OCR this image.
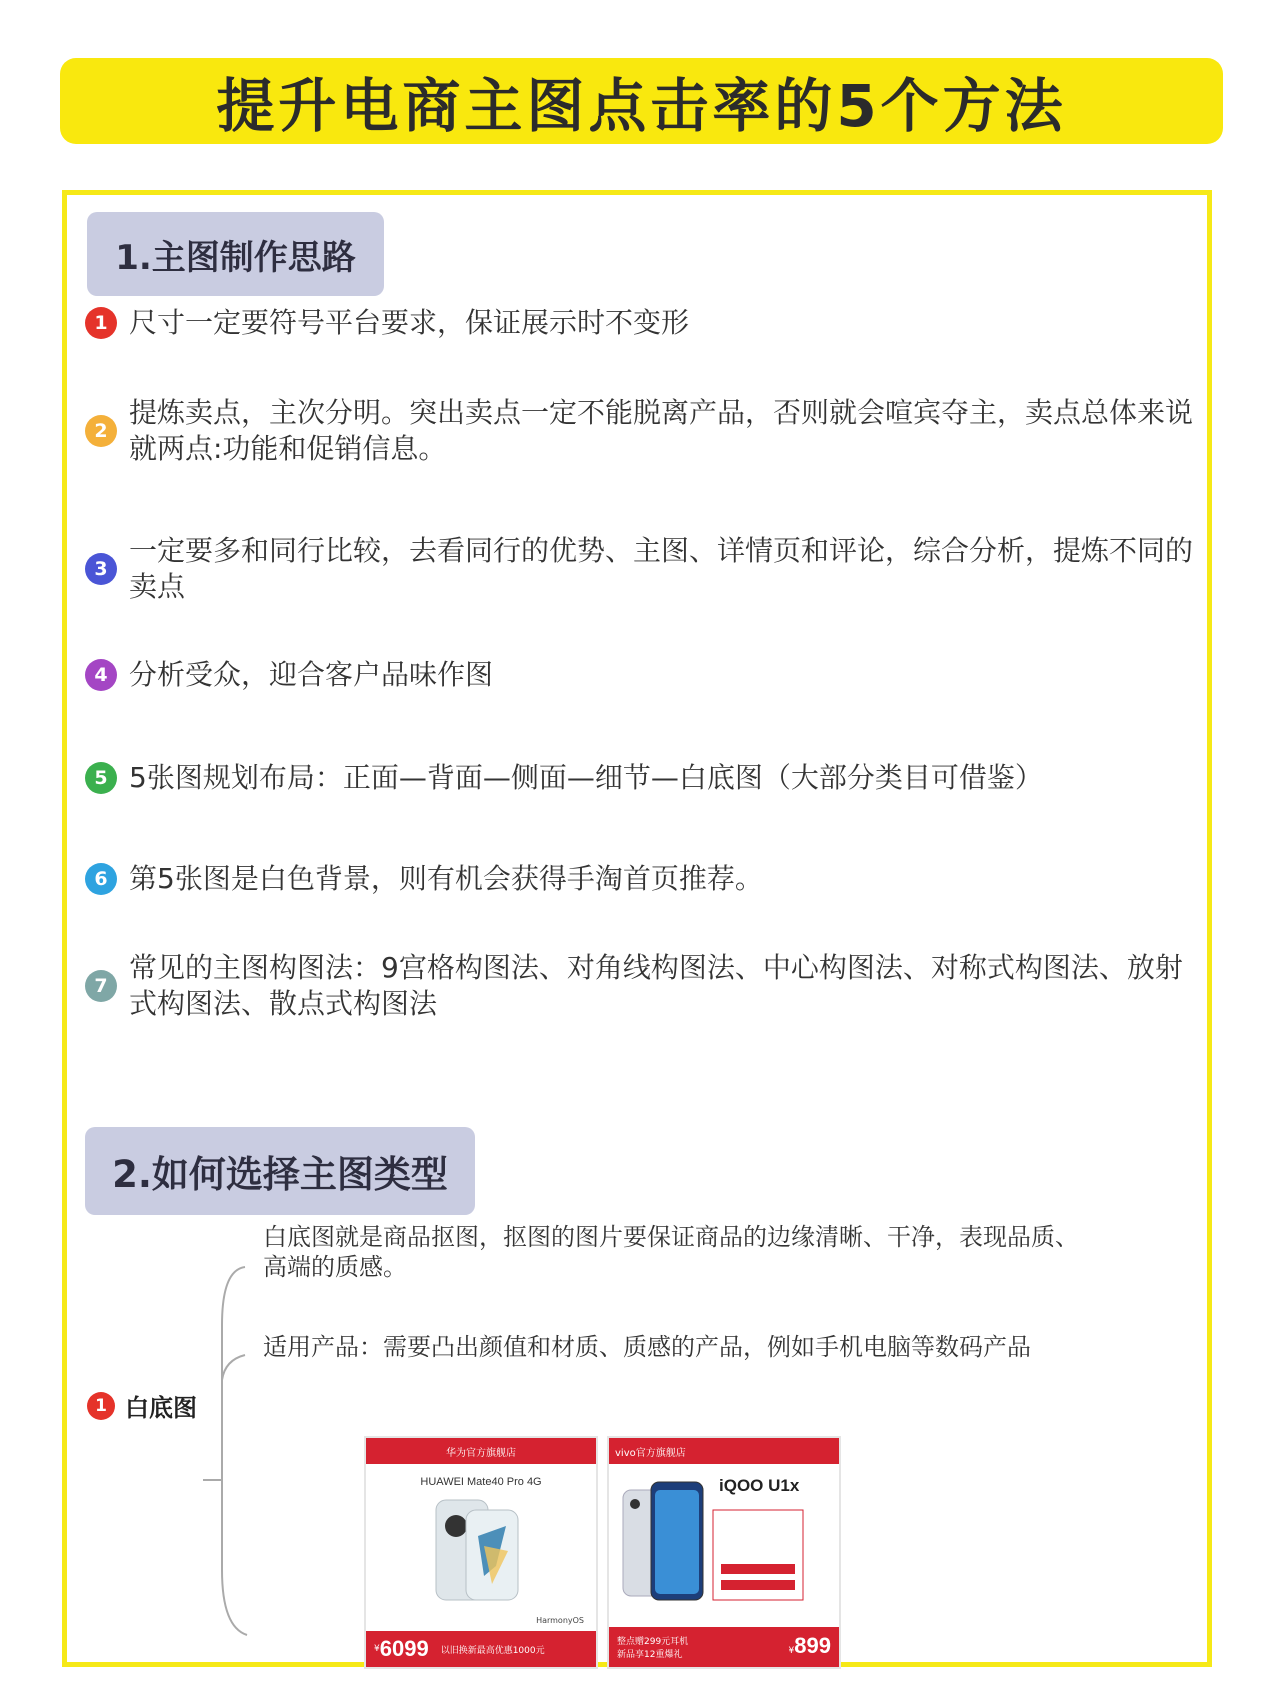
提升电商主图点击率的5个方法
1.主图制作思路
1 尺寸一定要符号平台要求，保证展示时不变形
2
提炼卖点，主次分明。突出卖点一定不能脱离产品，否则就会喧宾夺主，卖点总体来说就两点:功能和促销信息。
3
一定要多和同行比较，去看同行的优势、主图、详情页和评论，综合分析，提炼不同的卖点
4 分析受众，迎合客户品味作图
5 5张图规划布局：正面—背面—侧面—细节—白底图（大部分类目可借鉴）
6 第5张图是白色背景，则有机会获得手淘首页推荐。
7
常见的主图构图法：9宫格构图法、对角线构图法、中心构图法、对称式构图法、放射式构图法、散点式构图法
2.如何选择主图类型
1 白底图
白底图就是商品抠图，抠图的图片要保证商品的边缘清晰、干净，表现品质、高端的质感。
适用产品：需要凸出颜值和材质、质感的产品，例如手机电脑等数码产品
华为官方旗舰店
HUAWEI Mate40 Pro 4G
HarmonyOS
¥ 6099 以旧换新最高优惠1000元
vivo官方旗舰店
iQOO U1x
整点赠299元耳机
新品享12重爆礼	¥899
